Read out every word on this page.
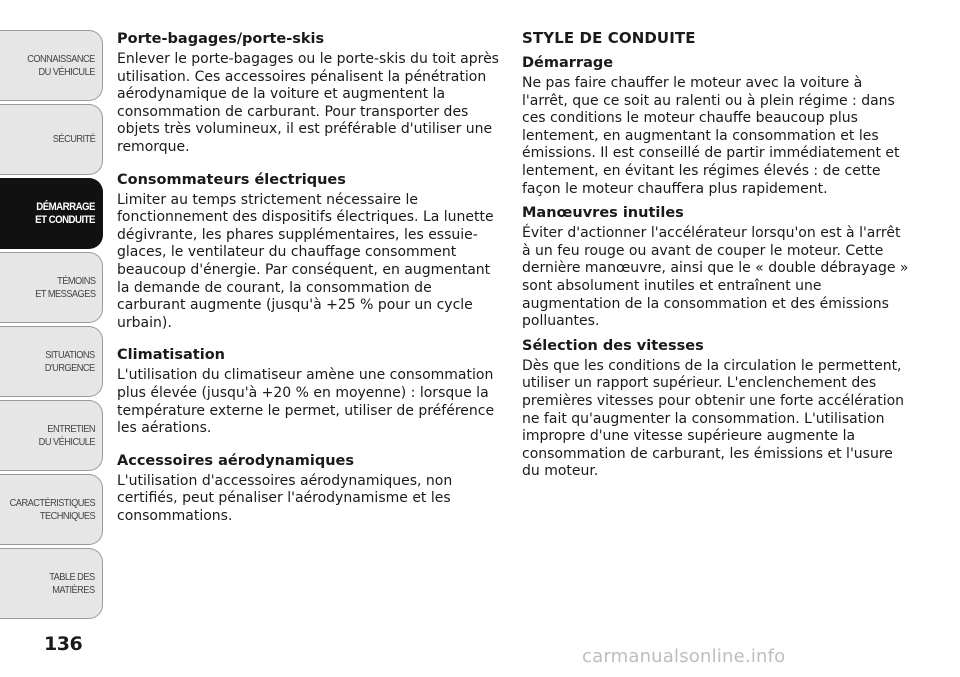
CONNAISSANCE
DU VÉHICULE
SÉCURITÉ
DÉMARRAGE
ET CONDUITE
TÉMOINS
ET MESSAGES
SITUATIONS
D'URGENCE
ENTRETIEN
DU VÉHICULE
CARACTÉRISTIQUES
TECHNIQUES
TABLE DES
MATIÈRES
136
Porte-bagages/porte-skis

Enlever le porte-bagages ou le porte-skis du toit après utilisation. Ces accessoires pénalisent la pénétration aérodynamique de la voiture et augmentent la consommation de carburant. Pour transporter des objets très volumineux, il est préférable d'utiliser une remorque.

Consommateurs électriques

Limiter au temps strictement nécessaire le fonctionnement des dispositifs électriques. La lunette dégivrante, les phares supplémentaires, les essuie-glaces, le ventilateur du chauffage consomment beaucoup d'énergie. Par conséquent, en augmentant la demande de courant, la consommation de carburant augmente (jusqu'à +25 % pour un cycle urbain).

Climatisation

L'utilisation du climatiseur amène une consommation plus élevée (jusqu'à +20 % en moyenne) : lorsque la température externe le permet, utiliser de préférence les aérations.

Accessoires aérodynamiques

L'utilisation d'accessoires aérodynamiques, non certifiés, peut pénaliser l'aérodynamisme et les consommations.

STYLE DE CONDUITE
Démarrage

Ne pas faire chauffer le moteur avec la voiture à l'arrêt, que ce soit au ralenti ou à plein régime : dans ces conditions le moteur chauffe beaucoup plus lentement, en augmentant la consommation et les émissions. Il est conseillé de partir immédiatement et lentement, en évitant les régimes élevés : de cette façon le moteur chauffera plus rapidement.

Manœuvres inutiles

Éviter d'actionner l'accélérateur lorsqu'on est à l'arrêt à un feu rouge ou avant de couper le moteur. Cette dernière manœuvre, ainsi que le « double débrayage » sont absolument inutiles et entraînent une augmentation de la consommation et des émissions polluantes.

Sélection des vitesses

Dès que les conditions de la circulation le permettent, utiliser un rapport supérieur. L'enclenchement des premières vitesses pour obtenir une forte accélération ne fait qu'augmenter la consommation. L'utilisation impropre d'une vitesse supérieure augmente la consommation de carburant, les émissions et l'usure du moteur.

carmanualsonline.info
